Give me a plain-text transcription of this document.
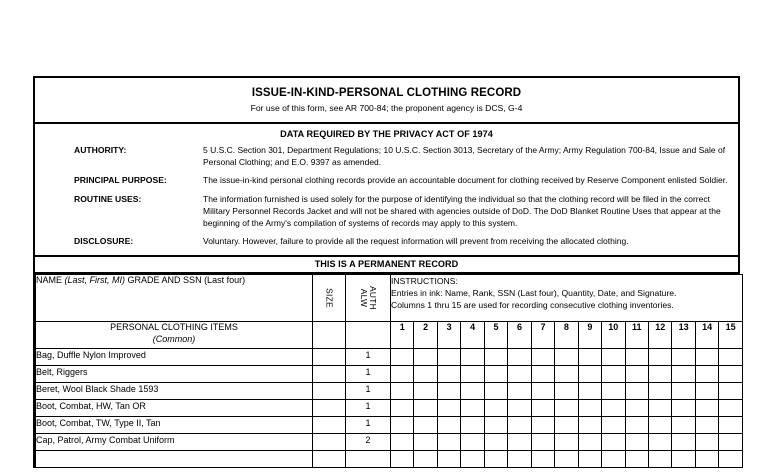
ISSUE-IN-KIND-PERSONAL CLOTHING RECORD
For use of this form, see AR 700-84; the proponent agency is DCS, G-4
DATA REQUIRED BY THE PRIVACY ACT OF 1974
AUTHORITY:	5 U.S.C. Section 301, Department Regulations; 10 U.S.C. Section 3013, Secretary of the Army; Army Regulation 700-84, Issue and Sale of Personal Clothing; and E.O. 9397 as amended.
PRINCIPAL PURPOSE:	The issue-in-kind personal clothing records provide an accountable document for clothing received by Reserve Component enlisted Soldier.
ROUTINE USES:	The information furnished is used solely for the purpose of identifying the individual so that the clothing record will be filed in the correct Military Personnel Records Jacket and will not be shared with agencies outside of DoD. The DoD Blanket Routine Uses that appear at the beginning of the Army's compilation of systems of records may apply to this system.
DISCLOSURE:	Voluntary. However, failure to provide all the request information will prevent from receiving the allocated clothing.
THIS IS A PERMANENT RECORD
NAME (Last, First, MI) GRADE AND SSN (Last four)	
SIZE	AUTH
ALW

INSTRUCTIONS:
Entries in ink: Name, Rank, SSN (Last four), Quantity, Date, and Signature.
Columns 1 thru 15 are used for recording consecutive clothing inventories.

PERSONAL CLOTHING ITEMS
(Common)			1	2	3	4	5	6	7	8	9	10	11	12	13	14	15
Bag, Duffle Nylon Improved		1															
Belt, Riggers		1															
Beret, Wool Black Shade 1593		1															
Boot, Combat, HW, Tan OR		1															
Boot, Combat, TW, Type II, Tan		1															
Cap, Patrol, Army Combat Uniform		2															
